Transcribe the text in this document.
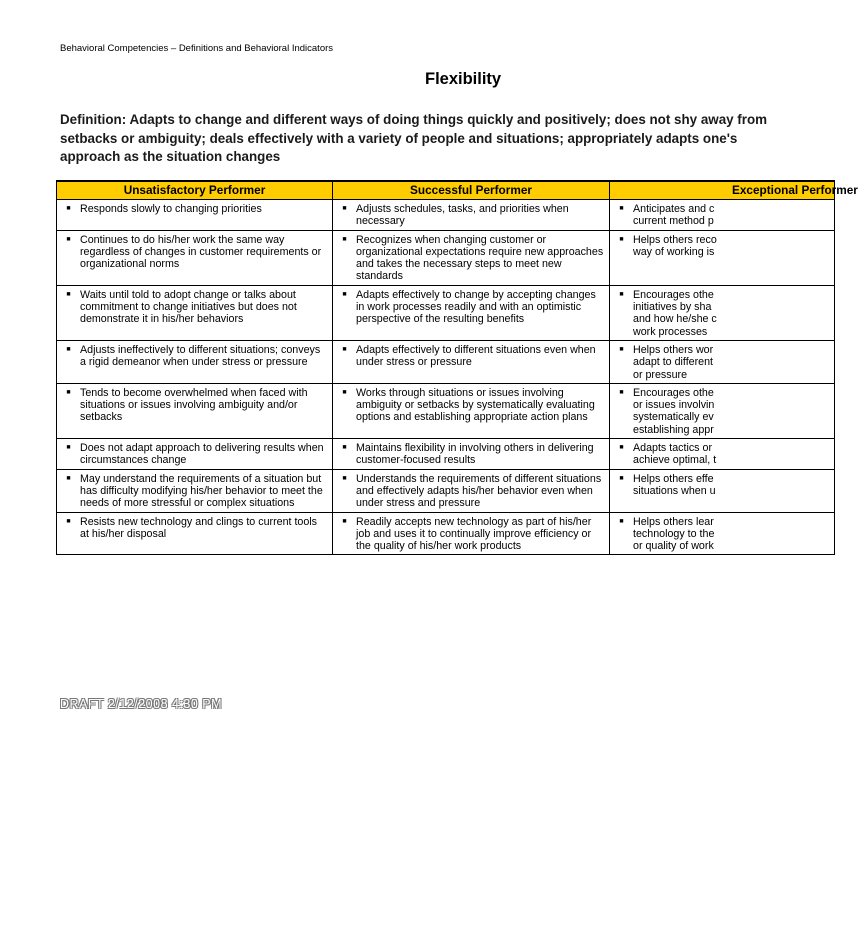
Behavioral Competencies – Definitions and Behavioral Indicators
Flexibility
Definition: Adapts to change and different ways of doing things quickly and positively; does not shy away from setbacks or ambiguity; deals effectively with a variety of people and situations; appropriately adapts one's approach as the situation changes
Unsatisfactory Performer	Successful Performer	Exceptional Performer

■ Responds slowly to changing priorities	■ Adjusts schedules, tasks, and priorities when necessary	■ Anticipates and c
current method p

■ Continues to do his/her work the same way regardless of changes in customer requirements or organizational norms	■ Recognizes when changing customer or organizational expectations require new approaches and takes the necessary steps to meet new standards	■ Helps others reco
way of working is

■ Waits until told to adopt change or talks about commitment to change initiatives but does not demonstrate it in his/her behaviors	■ Adapts effectively to change by accepting changes in work processes readily and with an optimistic perspective of the resulting benefits	■ Encourages othe
initiatives by sha
and how he/she c
work processes

■ Adjusts ineffectively to different situations; conveys a rigid demeanor when under stress or pressure	■ Adapts effectively to different situations even when under stress or pressure	■ Helps others wor
adapt to different
or pressure

■ Tends to become overwhelmed when faced with situations or issues involving ambiguity and/or setbacks	■ Works through situations or issues involving ambiguity or setbacks by systematically evaluating options and establishing appropriate action plans	■ Encourages othe
or issues involvin
systematically ev
establishing appr

■ Does not adapt approach to delivering results when circumstances change	■ Maintains flexibility in involving others in delivering customer-focused results	■ Adapts tactics or
achieve optimal, t

■ May understand the requirements of a situation but has difficulty modifying his/her behavior to meet the needs of more stressful or complex situations	■ Understands the requirements of different situations and effectively adapts his/her behavior even when under stress and pressure	■ Helps others effe
situations when u

■ Resists new technology and clings to current tools at his/her disposal	■ Readily accepts new technology as part of his/her job and uses it to continually improve efficiency or the quality of his/her work products	■ Helps others lear
technology to the
or quality of work
DRAFT 2/12/2008 4:30 PM
